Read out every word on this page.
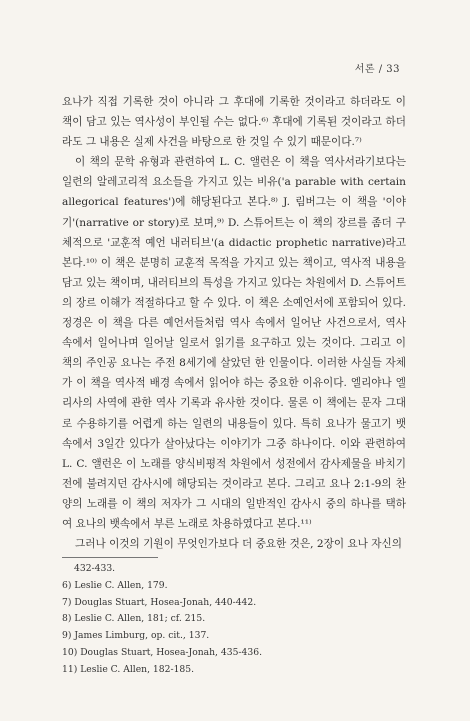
서론 / 33

요나가 직접 기록한 것이 아니라 그 후대에 기록한 것이라고 하더라도 이 책이 담고 있는 역사성이 부인될 수는 없다.⁶⁾ 후대에 기록된 것이라고 하더라도 그 내용은 실제 사건을 바탕으로 한 것일 수 있기 때문이다.⁷⁾

이 책의 문학 유형과 관련하여 L. C. 앨런은 이 책을 역사서라기보다는 일련의 알레고리적 요소들을 가지고 있는 비유('a parable with certain allegorical features')에 해당된다고 본다.⁸⁾ J. 림버그는 이 책을 '이야기'(narrative or story)로 보며,⁹⁾ D. 스튜어트는 이 책의 장르를 좀더 구체적으로 '교훈적 예언 내러티브'(a didactic prophetic narrative)라고 본다.¹⁰⁾ 이 책은 분명히 교훈적 목적을 가지고 있는 책이고, 역사적 내용을 담고 있는 책이며, 내러티브의 특성을 가지고 있다는 차원에서 D. 스튜어트의 장르 이해가 적절하다고 할 수 있다. 이 책은 소예언서에 포함되어 있다. 정경은 이 책을 다른 예언서들처럼 역사 속에서 일어난 사건으로서, 역사 속에서 일어나며 일어날 일로서 읽기를 요구하고 있는 것이다. 그리고 이 책의 주인공 요나는 주전 8세기에 살았던 한 인물이다. 이러한 사실들 자체가 이 책을 역사적 배경 속에서 읽어야 하는 중요한 이유이다. 엘리야나 엘리사의 사역에 관한 역사 기록과 유사한 것이다. 물론 이 책에는 문자 그대로 수용하기를 어렵게 하는 일련의 내용들이 있다. 특히 요나가 물고기 뱃속에서 3일간 있다가 살아났다는 이야기가 그중 하나이다. 이와 관련하여 L. C. 앨런은 이 노래를 양식비평적 차원에서 성전에서 감사제물을 바치기 전에 불려지던 감사시에 해당되는 것이라고 본다. 그리고 요나 2:1-9의 찬양의 노래를 이 책의 저자가 그 시대의 일반적인 감사시 중의 하나를 택하여 요나의 뱃속에서 부른 노래로 차용하였다고 본다.¹¹⁾

그러나 이것의 기원이 무엇인가보다 더 중요한 것은, 2장이 요나 자신의

432-433.

6) Leslie C. Allen, 179.

7) Douglas Stuart, Hosea-Jonah, 440-442.

8) Leslie C. Allen, 181; cf. 215.

9) James Limburg, op. cit., 137.

10) Douglas Stuart, Hosea-Jonah, 435-436.

11) Leslie C. Allen, 182-185.
